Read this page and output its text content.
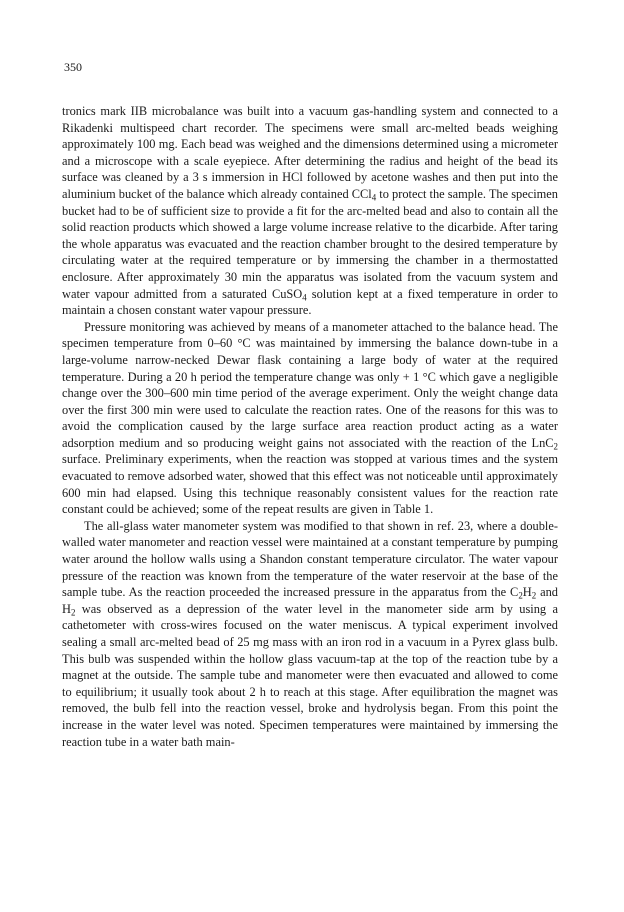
350

tronics mark IIB microbalance was built into a vacuum gas-handling system and connected to a Rikadenki multispeed chart recorder. The specimens were small arc-melted beads weighing approximately 100 mg. Each bead was weighed and the dimensions determined using a micrometer and a microscope with a scale eyepiece. After determining the radius and height of the bead its surface was cleaned by a 3 s immersion in HCl followed by acetone washes and then put into the aluminium bucket of the balance which already contained CCl$_4$ to protect the sample. The specimen bucket had to be of sufficient size to provide a fit for the arc-melted bead and also to contain all the solid reaction products which showed a large volume increase relative to the dicarbide. After taring the whole apparatus was evacuated and the reaction chamber brought to the desired temperature by circulating water at the required temperature or by immersing the chamber in a thermostatted enclosure. After approximately 30 min the apparatus was isolated from the vacuum system and water vapour admitted from a saturated CuSO$_4$ solution kept at a fixed temperature in order to maintain a chosen constant water vapour pressure.

Pressure monitoring was achieved by means of a manometer attached to the balance head. The specimen temperature from 0–60 °C was maintained by immersing the balance down-tube in a large-volume narrow-necked Dewar flask containing a large body of water at the required temperature. During a 20 h period the temperature change was only + 1 °C which gave a negligible change over the 300–600 min time period of the average experiment. Only the weight change data over the first 300 min were used to calculate the reaction rates. One of the reasons for this was to avoid the complication caused by the large surface area reaction product acting as a water adsorption medium and so producing weight gains not associated with the reaction of the LnC$_2$ surface. Preliminary experiments, when the reaction was stopped at various times and the system evacuated to remove adsorbed water, showed that this effect was not noticeable until approximately 600 min had elapsed. Using this technique reasonably consistent values for the reaction rate constant could be achieved; some of the repeat results are given in Table 1.

The all-glass water manometer system was modified to that shown in ref. 23, where a double-walled water manometer and reaction vessel were maintained at a constant temperature by pumping water around the hollow walls using a Shandon constant temperature circulator. The water vapour pressure of the reaction was known from the temperature of the water reservoir at the base of the sample tube. As the reaction proceeded the increased pressure in the apparatus from the $C_2H_2$ and $H_2$ was observed as a depression of the water level in the manometer side arm by using a cathetometer with cross-wires focused on the water meniscus. A typical experiment involved sealing a small arc-melted bead of 25 mg mass with an iron rod in a vacuum in a Pyrex glass bulb. This bulb was suspended within the hollow glass vacuum-tap at the top of the reaction tube by a magnet at the outside. The sample tube and manometer were then evacuated and allowed to come to equilibrium; it usually took about 2 h to reach at this stage. After equilibration the magnet was removed, the bulb fell into the reaction vessel, broke and hydrolysis began. From this point the increase in the water level was noted. Specimen temperatures were maintained by immersing the reaction tube in a water bath main-
